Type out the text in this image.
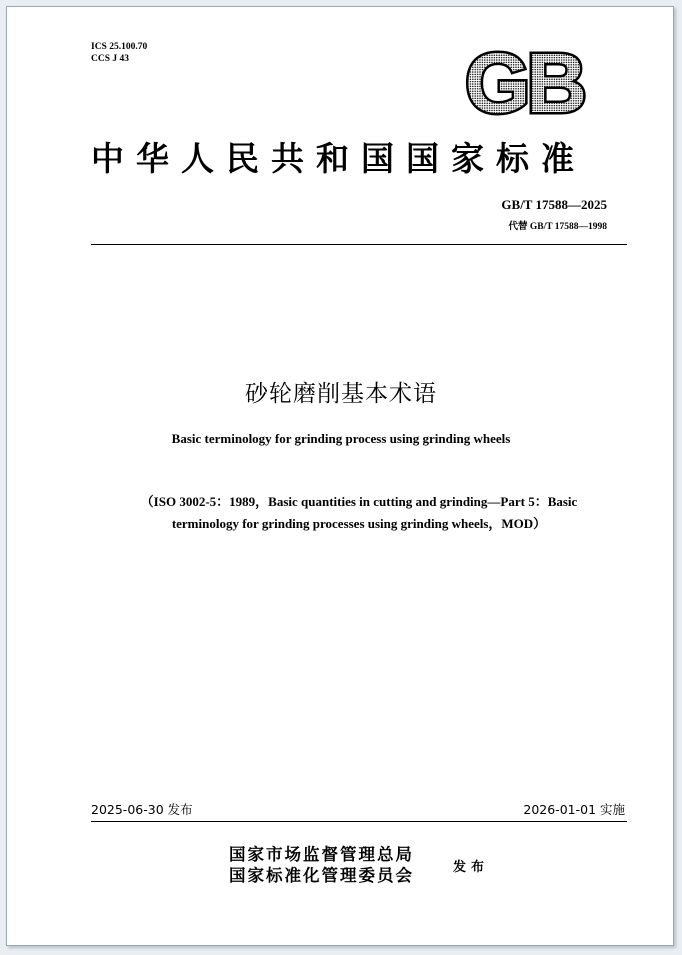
ICS 25.100.70
CCS J 43	GB
中华人民共和国国家标准
GB/T 17588—2025
代替 GB/T 17588—1998
砂轮磨削基本术语
Basic terminology for grinding process using grinding wheels
（ISO 3002-5：1989，Basic quantities in cutting and grinding—Part 5：Basic
terminology for grinding processes using grinding wheels，MOD）
2025-06-30 发布	2026-01-01 实施
国家市场监督管理总局
国家标准化管理委员会	发布
